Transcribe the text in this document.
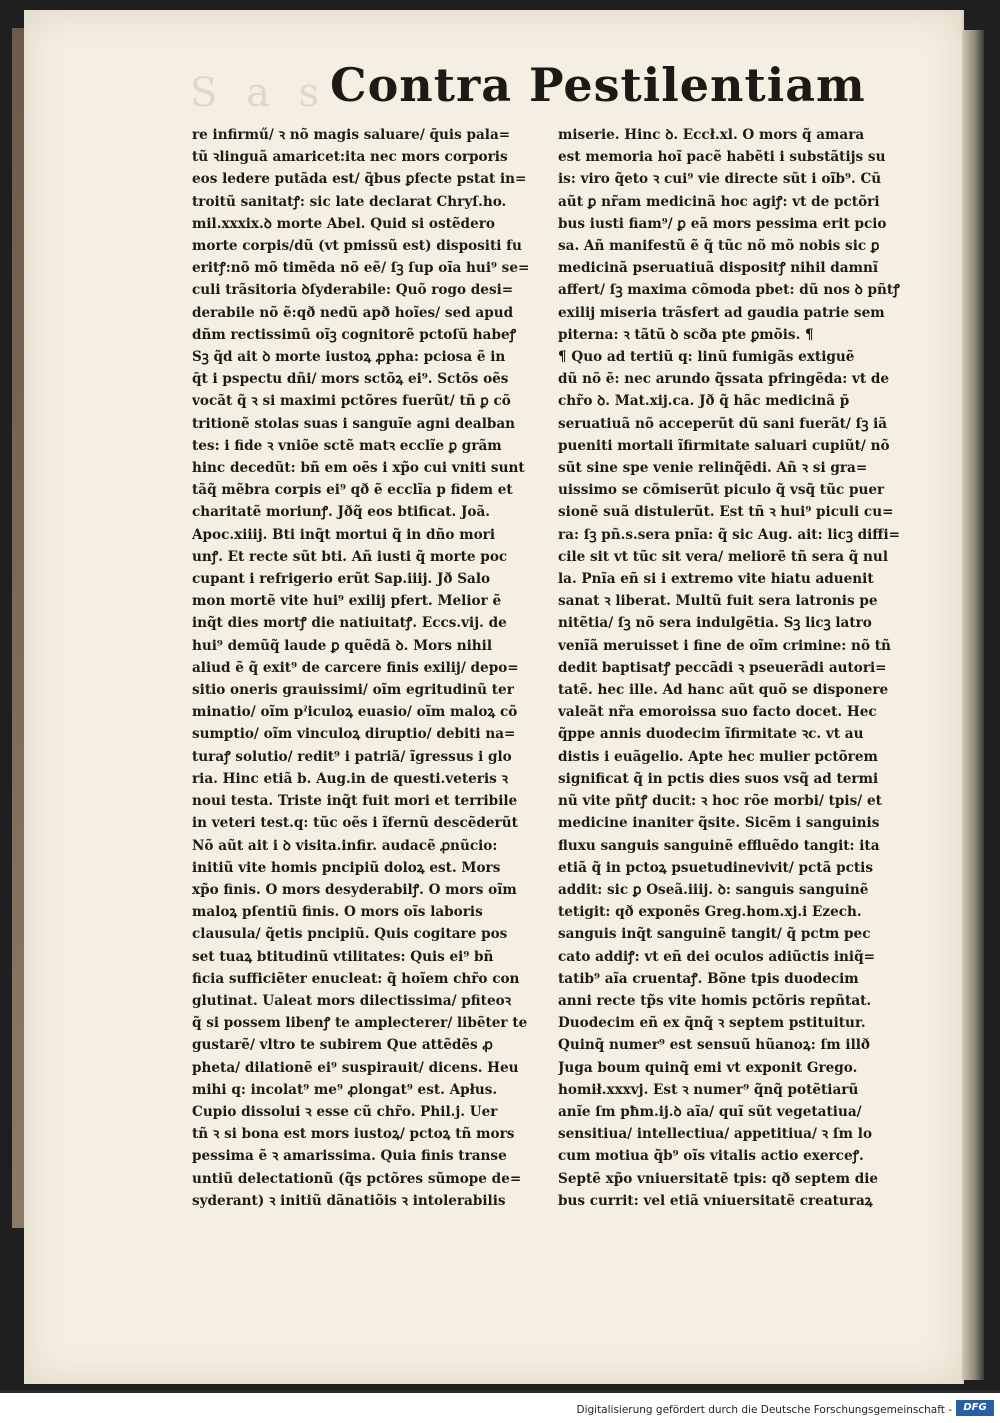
S a s Contra Pestilentiam

re infirmű/ ꝛ nõ magis saluare/ q̄uis pala=

tũ ꝛlinguã amaricet:ita nec mors corporis

eos ledere putãda est/ q̃bus ꝑfecte pstat in=

troitũ sanitatꝭ: sic late declarat Chryſ.ho.

mil.xxxix.ꝺ morte Abel. Quid si ostẽdero

morte corpis/dũ (vt pmissũ est) dispositi fu

eritꝭ:nõ mõ timẽda nõ eẽ/ ſꝫ ſup oĩa hui⁹ se=

culi trãsitoria ꝺſyderabile: Quõ rogo desi=

derabile nõ ẽ:qð nedũ apð hoĩes/ sed apud

dñm rectissimũ oĩꝫ cognitorẽ pctoſũ habeꝭ

Sꝫ q̃d ait ꝺ morte iustoꝝ ꝓpha: pciosa ẽ in

q̄t i pspectu dñi/ mors sctõꝝ ei⁹. Sctõs oẽs

vocãt q̃ ꝛ si maximi pctõres fuerũt/ tñ ꝑ cõ

tritionẽ stolas suas i sanguĩe agni dealban

tes: i fide ꝛ vniõe sctẽ matꝛ ecclĩe ꝑ grãm

hinc decedũt: bñ em oẽs i xp̃o cui vniti sunt

tãq̃ mẽbra corpis ei⁹ qð ẽ ecclĩa p fidem et

charitatẽ moriunꝭ. Jðq̃ eos btificat. Joã.

Apoc.xiiij. Bti inq̃t mortui q̃ in dño mori

unꝭ. Et recte sũt bti. Añ iusti q̃ morte poc

cupant i refrigerio erũt Sap.iiij. Jð Salo

mon mortẽ vite hui⁹ exilij pfert. Melior ẽ

inq̃t dies mortꝭ die natiuitatꝭ. Eccs.vij. de

hui⁹ demũq̃ laude ꝑ quẽdã ꝺ. Mors nihil

aliud ẽ q̃ exit⁹ de carcere finis exilij/ depo=

sitio oneris grauissimi/ oĩm egritudinũ ter

minatio/ oĩm pˀiculoꝝ euasio/ oĩm maloꝝ cõ

sumptio/ oĩm vinculoꝝ diruptio/ debiti na=

turaꝭ solutio/ redit⁹ i patriã/ ĩgressus i glo

ria. Hinc etiã b. Aug.in de questi.veteris ꝛ

noui testa. Triste inq̃t fuit mori et terribile

in veteri test.q: tũc oẽs i ĩfernũ descẽderũt

Nõ aũt ait i ꝺ visita.infir. audacẽ ꝓnũcio:

initiũ vite homis pncipiũ doloꝝ est. Mors

xp̃o finis. O mors desyderabilꝭ. O mors oĩm

maloꝝ pſentiũ finis. O mors oĩs laboris

clausula/ q̃etis pncipiũ. Quis cogitare pos

set tuaꝝ btitudinũ vtilitates: Quis ei⁹ bñ

ficia sufficiẽter enucleat: q̃ hoĩem chr̃o con

glutinat. Ualeat mors dilectissima/ pfiteoꝛ

q̃ si possem libenꝭ te amplecterer/ libẽter te

gustarẽ/ vltro te subirem Que attẽdẽs ꝓ

pheta/ dilationẽ ei⁹ suspirauit/ dicens. Heu

mihi q: incolat⁹ me⁹ ꝓlongat⁹ est. Apłus.

Cupio dissolui ꝛ esse cũ chr̃o. Phil.j. Uer

tñ ꝛ si bona est mors iustoꝝ/ pctoꝝ tñ mors

pessima ẽ ꝛ amarissima. Quia finis transe

untiũ delectationũ (q̃s pctõres sũmope de=

syderant) ꝛ initiũ dãnatiõis ꝛ intolerabilis

miserie. Hinc ꝺ. Eccł.xl. O mors q̃ amara

est memoria hoĩ pacẽ habẽti i substãtijs su

is: viro q̃eto ꝛ cui⁹ vie directe sũt i oĩb⁹. Cũ

aũt ꝑ nr̃am medicinã hoc agiꝭ: vt de pctõri

bus iusti fiam⁹/ ꝑ eã mors pessima erit pcio

sa. Añ manifestũ ẽ q̃ tũc nõ mõ nobis sic ꝑ

medicinã pseruatiuã dispositꝭ nihil damnĩ

affert/ ſꝫ maxima cõmoda pbet: dũ nos ꝺ pñtꝭ

exilij miseria trãsfert ad gaudia patrie sem

piterna: ꝛ tãtũ ꝺ scða pte ꝑmõis. ¶

¶ Quo ad tertiũ q: linũ fumigãs extiguẽ

dũ nõ ẽ: nec arundo q̃ssata pfringẽda: vt de

chr̃o ꝺ. Mat.xij.ca. Jð q̃ hãc medicinã p̄

seruatiuã nõ acceperũt dũ sani fuerãt/ ſꝫ iã

pueniti mortali ĩfirmitate saluari cupiũt/ nõ

sũt sine spe venie relinq̃ẽdi. Añ ꝛ si gra=

uissimo se cõmiserũt piculo q̃ vsq̃ tũc puer

sionẽ suã distulerũt. Est tñ ꝛ hui⁹ piculi cu=

ra: ſꝫ pñ.s.sera pnĩa: q̃ sic Aug. ait: licꝫ diffi=

cile sit vt tũc sit vera/ meliorẽ tñ sera q̃ nul

la. Pnĩa eñ si i extremo vite hiatu aduenit

sanat ꝛ liberat. Multũ fuit sera latronis pe

nitẽtia/ ſꝫ nõ sera indulgẽtia. Sꝫ licꝫ latro

venĩã meruisset i fine de oĩm crimine: nõ tñ

dedit baptisatꝭ peccãdi ꝛ pseuerãdi autori=

tatẽ. hec ille. Ad hanc aũt quõ se disponere

valeãt nr̃a emoroissa suo facto docet. Hec

q̃ppe annis duodecim ĩfirmitate ꝛc. vt au

distis i euãgelio. Apte hec mulier pctõrem

significat q̃ in pctis dies suos vsq̃ ad termi

nũ vite pñtꝭ ducit: ꝛ hoc rõe morbi/ tpis/ et

medicine inaniter q̃site. Sicẽm i sanguinis

fluxu sanguis sanguinẽ effluẽdo tangit: ita

etiã q̃ in pctoꝝ psuetudinevivit/ pctã pctis

addit: sic ꝑ Oseã.iiij. ꝺ: sanguis sanguinẽ

tetigit: qð exponẽs Greg.hom.xj.i Ezech.

sanguis inq̃t sanguinẽ tangit/ q̃ pctm pec

cato addiꝭ: vt eñ dei oculos adiũctis iniq̃=

tatib⁹ aĩa cruentaꝭ. Bõne tpis duodecim

anni recte tp̃s vite homis pctõris repñtat.

Duodecim eñ ex q̃nq̃ ꝛ septem pstituitur.

Quinq̃ numer⁹ est sensuũ hũanoꝝ: ſm illð

Juga boum quinq̃ emi vt exponit Grego.

homił.xxxvj. Est ꝛ numer⁹ q̃nq̃ potẽtiarũ

anĩe ſm pħm.ij.ꝺ aĩa/ quĩ sũt vegetatiua/

sensitiua/ intellectiua/ appetitiua/ ꝛ ſm lo

cum motiua q̃b⁹ oĩs vitalis actio exerceꝭ.

Septẽ xp̃o vniuersitatẽ tpis: qð septem die

bus currit: vel etiã vniuersitatẽ creaturaꝝ

Digitalisierung gefördert durch die Deutsche Forschungsgemeinschaft -	DFG
